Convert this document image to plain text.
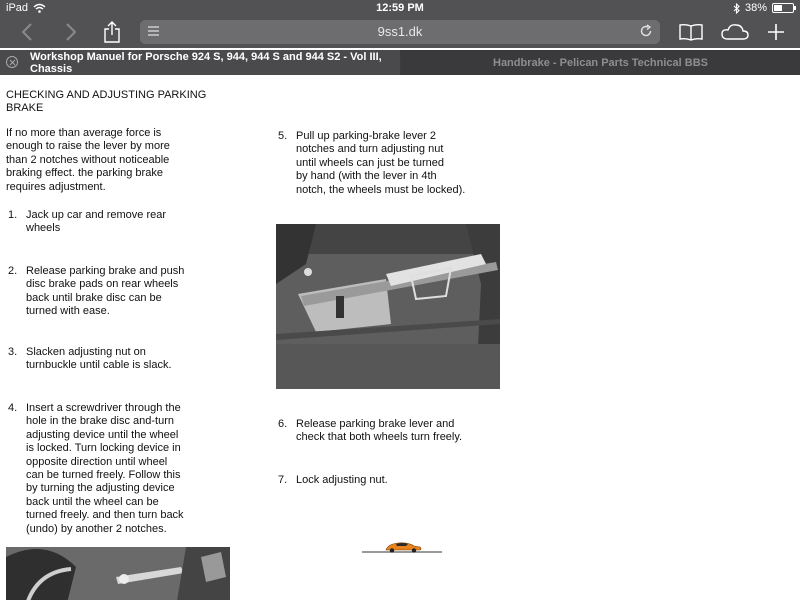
iPad	12:59 PM	38%
9ss1.dk
Workshop Manuel for Porsche 924 S, 944, 944 S and 944 S2 - Vol III, Chassis	Handbrake - Pelican Parts Technical BBS
CHECKING AND ADJUSTING PARKING
BRAKE
If no more than average force is
enough to raise the lever by more
than 2 notches without noticeable
braking effect. the parking brake
requires adjustment.
1. Jack up car and remove rear
wheels
2. Release parking brake and push
disc brake pads on rear wheels
back until brake disc can be
turned with ease.
3. Slacken adjusting nut on
turnbuckle until cable is slack.
4. Insert a screwdriver through the
hole in the brake disc and-turn
adjusting device until the wheel
is locked. Turn locking device in
opposite direction until wheel
can be turned freely. Follow this
by turning the adjusting device
back until the wheel can be
turned freely. and then turn back
(undo) by another 2 notches.
5. Pull up parking-brake lever 2
notches and turn adjusting nut
until wheels can just be turned
by hand (with the lever in 4th
notch, the wheels must be locked).
6. Release parking brake lever and
check that both wheels turn freely.
7. Lock adjusting nut.
